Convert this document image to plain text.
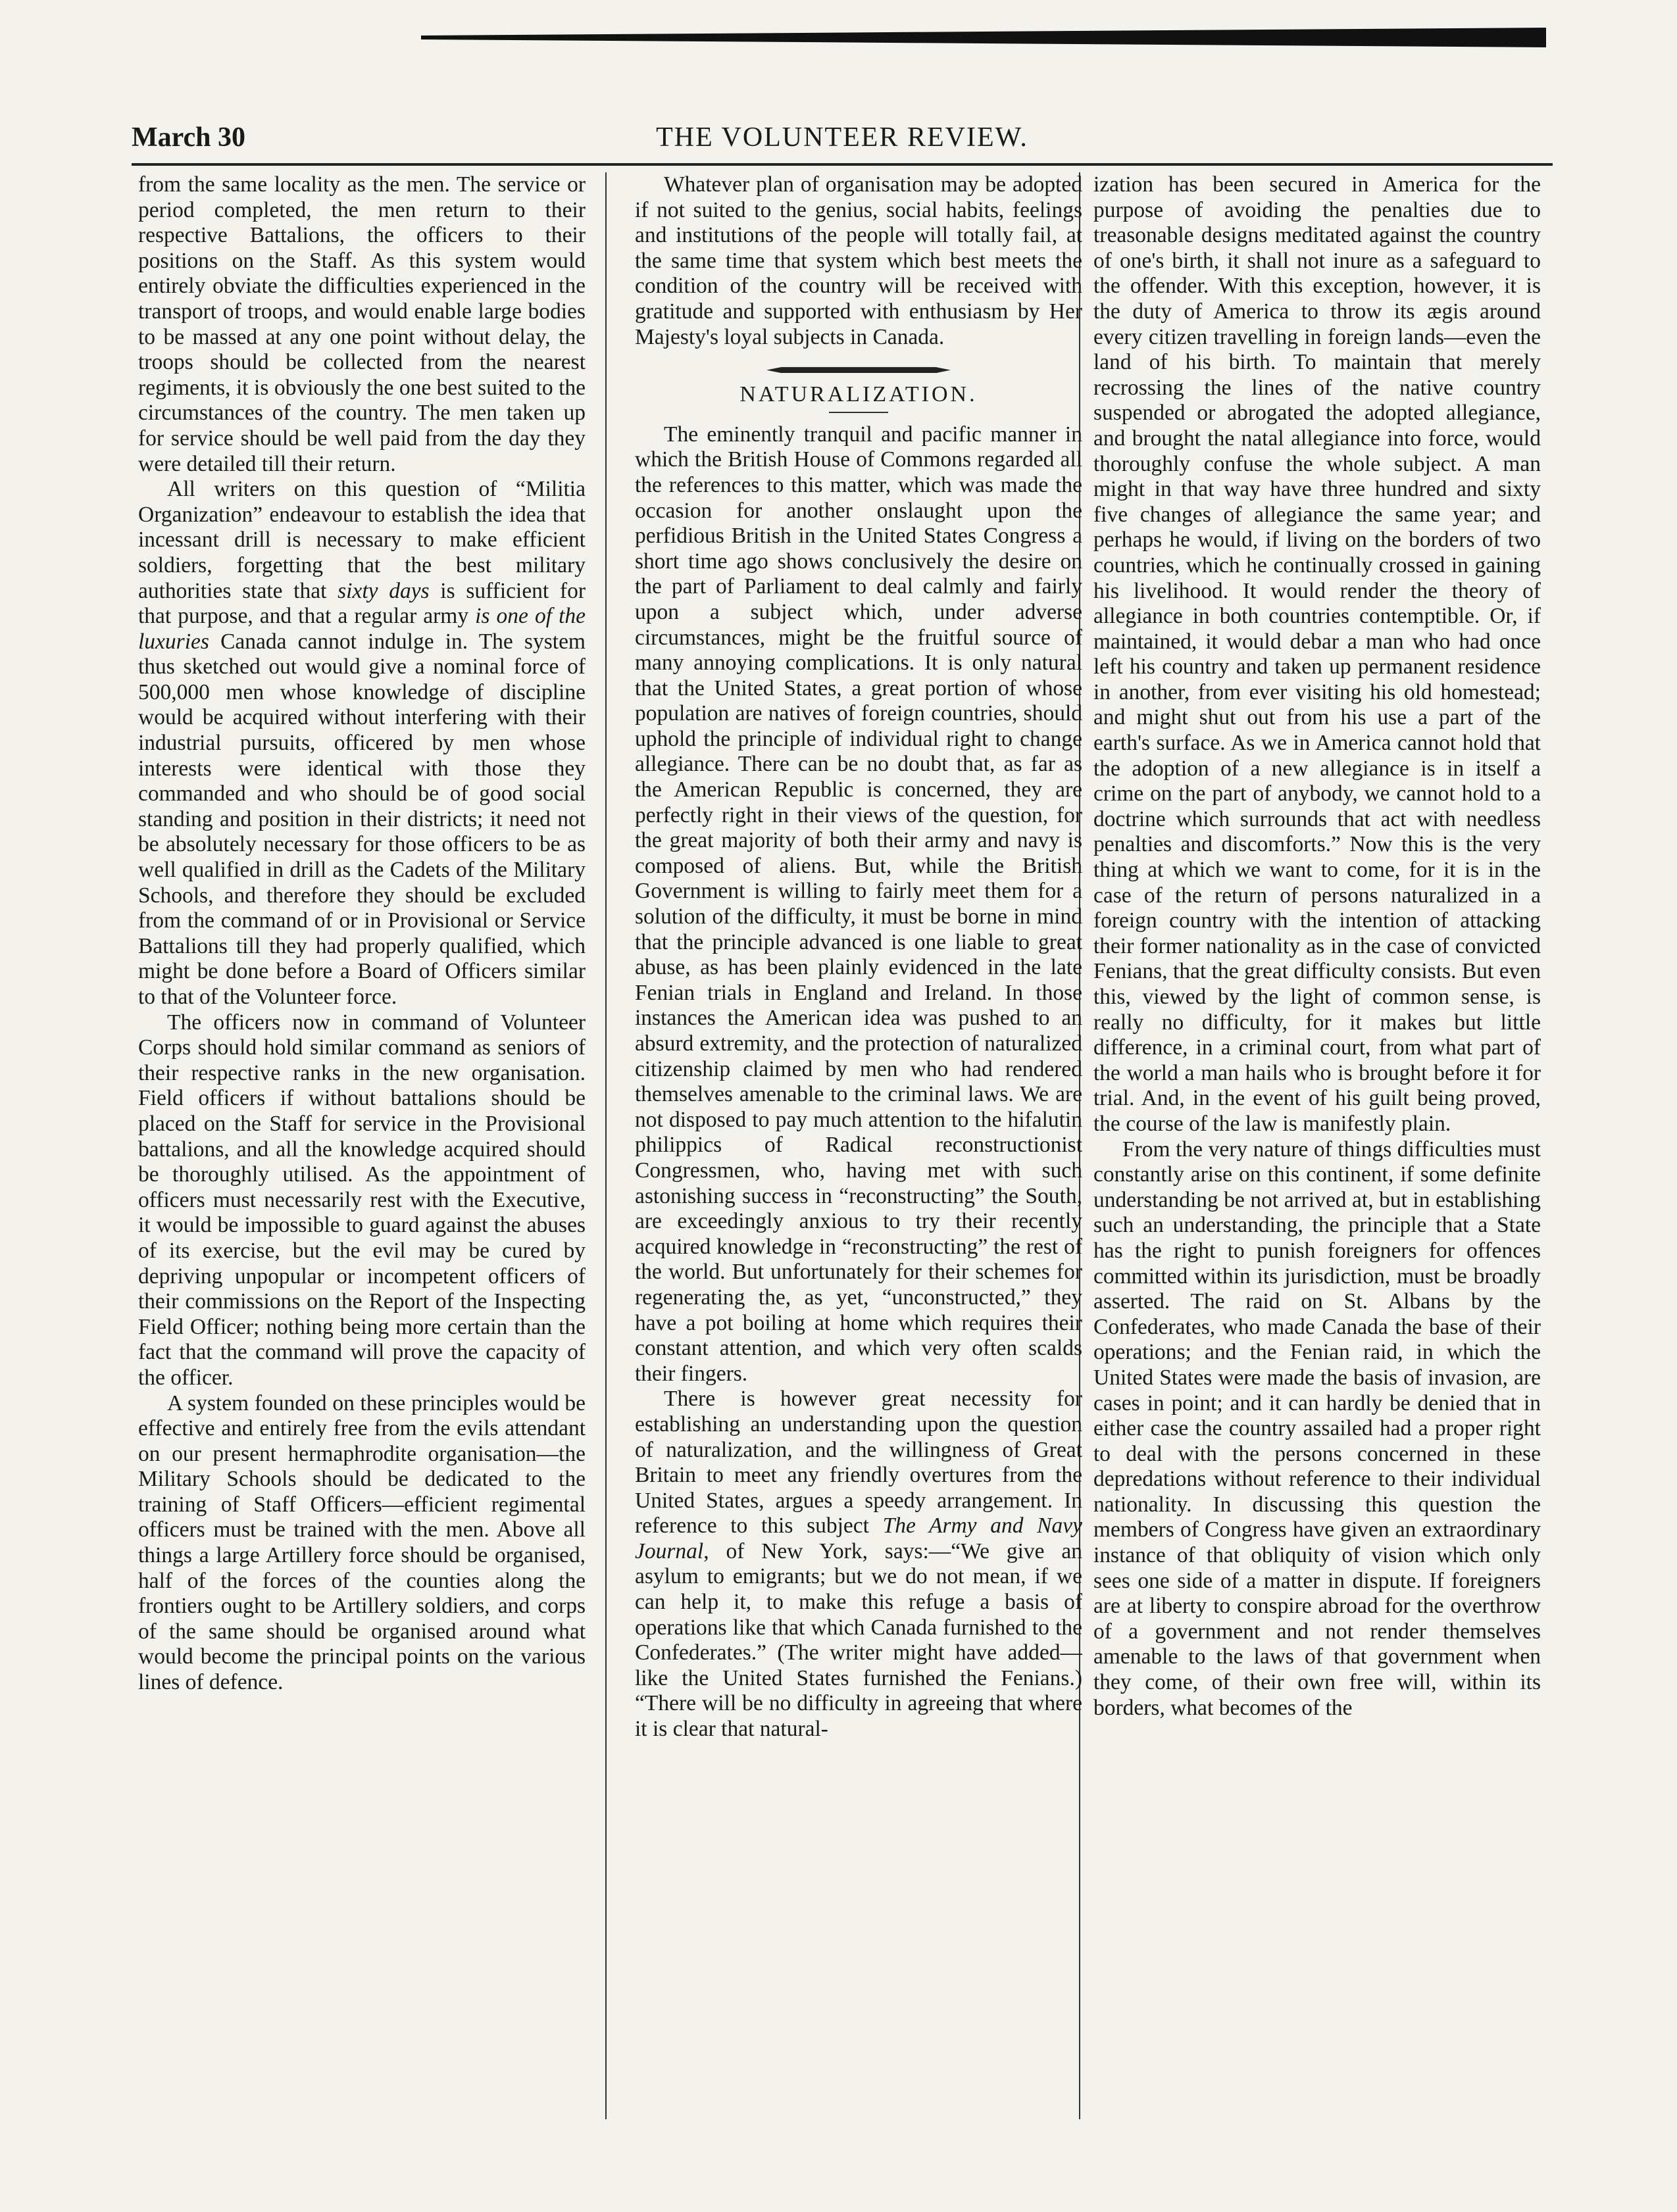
March 30	THE VOLUNTEER REVIEW.

from the same locality as the men. The service or period completed, the men return to their respective Battalions, the officers to their positions on the Staff. As this system would entirely obviate the difficulties experienced in the transport of troops, and would enable large bodies to be massed at any one point without delay, the troops should be collected from the nearest regiments, it is obviously the one best suited to the circumstances of the country. The men taken up for service should be well paid from the day they were detailed till their return.

All writers on this question of “Militia Organization” endeavour to establish the idea that incessant drill is necessary to make efficient soldiers, forgetting that the best military authorities state that sixty days is sufficient for that purpose, and that a regular army is one of the luxuries Canada cannot indulge in. The system thus sketched out would give a nominal force of 500,000 men whose knowledge of discipline would be acquired without interfering with their industrial pursuits, officered by men whose interests were identical with those they commanded and who should be of good social standing and position in their districts; it need not be absolutely necessary for those officers to be as well qualified in drill as the Cadets of the Military Schools, and therefore they should be excluded from the command of or in Provisional or Service Battalions till they had properly qualified, which might be done before a Board of Officers similar to that of the Volunteer force.

The officers now in command of Volunteer Corps should hold similar command as seniors of their respective ranks in the new organisation. Field officers if without battalions should be placed on the Staff for service in the Provisional battalions, and all the knowledge acquired should be thoroughly utilised. As the appointment of officers must necessarily rest with the Executive, it would be impossible to guard against the abuses of its exercise, but the evil may be cured by depriving unpopular or incompetent officers of their commissions on the Report of the Inspecting Field Officer; nothing being more certain than the fact that the command will prove the capacity of the officer.

A system founded on these principles would be effective and entirely free from the evils attendant on our present hermaphrodite organisation—the Military Schools should be dedicated to the training of Staff Officers—efficient regimental officers must be trained with the men. Above all things a large Artillery force should be organised, half of the forces of the counties along the frontiers ought to be Artillery soldiers, and corps of the same should be organised around what would become the principal points on the various lines of defence.

Whatever plan of organisation may be adopted if not suited to the genius, social habits, feelings and institutions of the people will totally fail, at the same time that system which best meets the condition of the country will be received with gratitude and supported with enthusiasm by Her Majesty's loyal subjects in Canada.

NATURALIZATION.

The eminently tranquil and pacific manner in which the British House of Commons regarded all the references to this matter, which was made the occasion for another onslaught upon the perfidious British in the United States Congress a short time ago shows conclusively the desire on the part of Parliament to deal calmly and fairly upon a subject which, under adverse circumstances, might be the fruitful source of many annoying complications. It is only natural that the United States, a great portion of whose population are natives of foreign countries, should uphold the principle of individual right to change allegiance. There can be no doubt that, as far as the American Republic is concerned, they are perfectly right in their views of the question, for the great majority of both their army and navy is composed of aliens. But, while the British Government is willing to fairly meet them for a solution of the difficulty, it must be borne in mind that the principle advanced is one liable to great abuse, as has been plainly evidenced in the late Fenian trials in England and Ireland. In those instances the American idea was pushed to an absurd extremity, and the protection of naturalized citizenship claimed by men who had rendered themselves amenable to the criminal laws. We are not disposed to pay much attention to the hifalutin philippics of Radical reconstructionist Congressmen, who, having met with such astonishing success in “reconstructing” the South, are exceedingly anxious to try their recently acquired knowledge in “reconstructing” the rest of the world. But unfortunately for their schemes for regenerating the, as yet, “unconstructed,” they have a pot boiling at home which requires their constant attention, and which very often scalds their fingers.

There is however great necessity for establishing an understanding upon the question of naturalization, and the willingness of Great Britain to meet any friendly overtures from the United States, argues a speedy arrangement. In reference to this subject The Army and Navy Journal, of New York, says:—“We give an asylum to emigrants; but we do not mean, if we can help it, to make this refuge a basis of operations like that which Canada furnished to the Confederates.” (The writer might have added—like the United States furnished the Fenians.) “There will be no difficulty in agreeing that where it is clear that natural-

ization has been secured in America for the purpose of avoiding the penalties due to treasonable designs meditated against the country of one's birth, it shall not inure as a safeguard to the offender. With this exception, however, it is the duty of America to throw its ægis around every citizen travelling in foreign lands—even the land of his birth. To maintain that merely recrossing the lines of the native country suspended or abrogated the adopted allegiance, and brought the natal allegiance into force, would thoroughly confuse the whole subject. A man might in that way have three hundred and sixty five changes of allegiance the same year; and perhaps he would, if living on the borders of two countries, which he continually crossed in gaining his livelihood. It would render the theory of allegiance in both countries contemptible. Or, if maintained, it would debar a man who had once left his country and taken up permanent residence in another, from ever visiting his old homestead; and might shut out from his use a part of the earth's surface. As we in America cannot hold that the adoption of a new allegiance is in itself a crime on the part of anybody, we cannot hold to a doctrine which surrounds that act with needless penalties and discomforts.” Now this is the very thing at which we want to come, for it is in the case of the return of persons naturalized in a foreign country with the intention of attacking their former nationality as in the case of convicted Fenians, that the great difficulty consists. But even this, viewed by the light of common sense, is really no difficulty, for it makes but little difference, in a criminal court, from what part of the world a man hails who is brought before it for trial. And, in the event of his guilt being proved, the course of the law is manifestly plain.

From the very nature of things difficulties must constantly arise on this continent, if some definite understanding be not arrived at, but in establishing such an understanding, the principle that a State has the right to punish foreigners for offences committed within its jurisdiction, must be broadly asserted. The raid on St. Albans by the Confederates, who made Canada the base of their operations; and the Fenian raid, in which the United States were made the basis of invasion, are cases in point; and it can hardly be denied that in either case the country assailed had a proper right to deal with the persons concerned in these depredations without reference to their individual nationality. In discussing this question the members of Congress have given an extraordinary instance of that obliquity of vision which only sees one side of a matter in dispute. If foreigners are at liberty to conspire abroad for the overthrow of a government and not render themselves amenable to the laws of that government when they come, of their own free will, within its borders, what becomes of the
